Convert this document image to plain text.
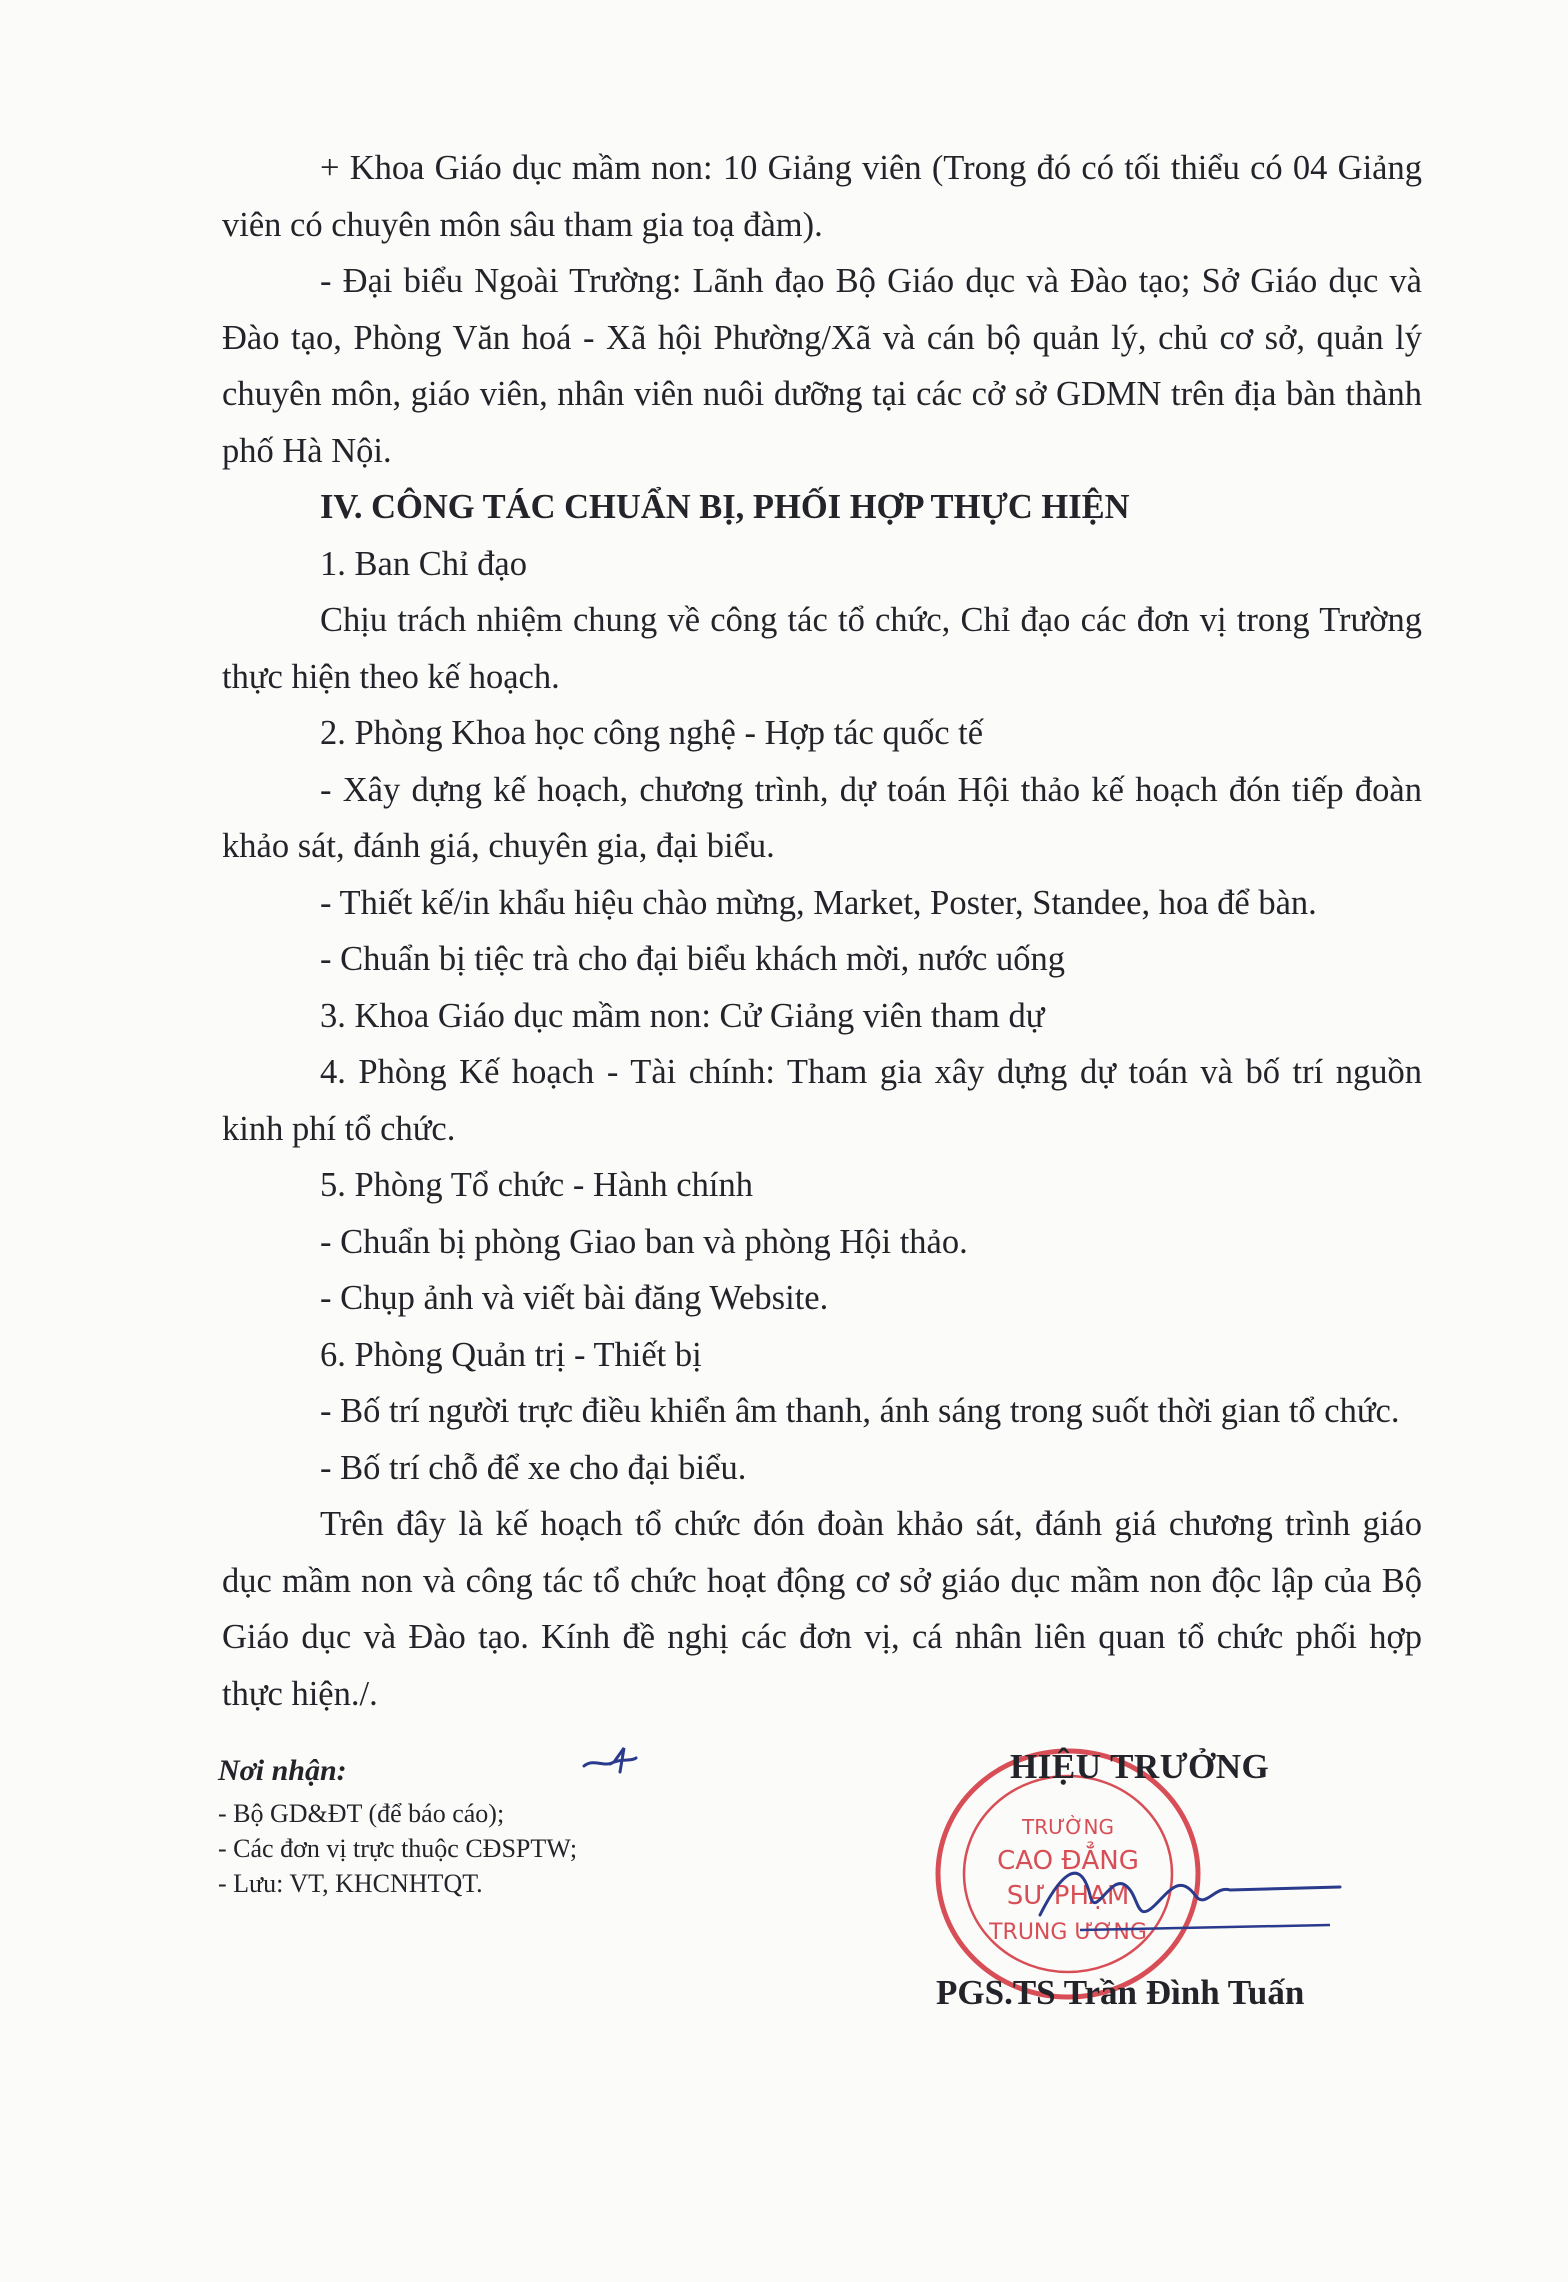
+ Khoa Giáo dục mầm non: 10 Giảng viên (Trong đó có tối thiểu có 04 Giảng viên có chuyên môn sâu tham gia toạ đàm).

- Đại biểu Ngoài Trường: Lãnh đạo Bộ Giáo dục và Đào tạo; Sở Giáo dục và Đào tạo, Phòng Văn hoá - Xã hội Phường/Xã và cán bộ quản lý, chủ cơ sở, quản lý chuyên môn, giáo viên, nhân viên nuôi dưỡng tại các cở sở GDMN trên địa bàn thành phố Hà Nội.

IV. CÔNG TÁC CHUẨN BỊ, PHỐI HỢP THỰC HIỆN

1. Ban Chỉ đạo

Chịu trách nhiệm chung về công tác tổ chức, Chỉ đạo các đơn vị trong Trường thực hiện theo kế hoạch.

2. Phòng Khoa học công nghệ - Hợp tác quốc tế

- Xây dựng kế hoạch, chương trình, dự toán Hội thảo kế hoạch đón tiếp đoàn khảo sát, đánh giá, chuyên gia, đại biểu.

- Thiết kế/in khẩu hiệu chào mừng, Market, Poster, Standee, hoa để bàn.

- Chuẩn bị tiệc trà cho đại biểu khách mời, nước uống

3. Khoa Giáo dục mầm non: Cử Giảng viên tham dự

4. Phòng Kế hoạch - Tài chính: Tham gia xây dựng dự toán và bố trí nguồn kinh phí tổ chức.

5. Phòng Tổ chức - Hành chính

- Chuẩn bị phòng Giao ban và phòng Hội thảo.

- Chụp ảnh và viết bài đăng Website.

6. Phòng Quản trị - Thiết bị

- Bố trí người trực điều khiển âm thanh, ánh sáng trong suốt thời gian tổ chức.

- Bố trí chỗ để xe cho đại biểu.

Trên đây là kế hoạch tổ chức đón đoàn khảo sát, đánh giá chương trình giáo dục mầm non và công tác tổ chức hoạt động cơ sở giáo dục mầm non độc lập của Bộ Giáo dục và Đào tạo. Kính đề nghị các đơn vị, cá nhân liên quan tổ chức phối hợp thực hiện./.

Nơi nhận:

- Bộ GD&ĐT (để báo cáo);

- Các đơn vị trực thuộc CĐSPTW;

- Lưu: VT, KHCNHTQT.

TRƯỜNG
CAO ĐẲNG
SƯ PHẠM
TRUNG ƯƠNG
HIỆU TRƯỞNG
PGS.TS Trần Đình Tuấn
